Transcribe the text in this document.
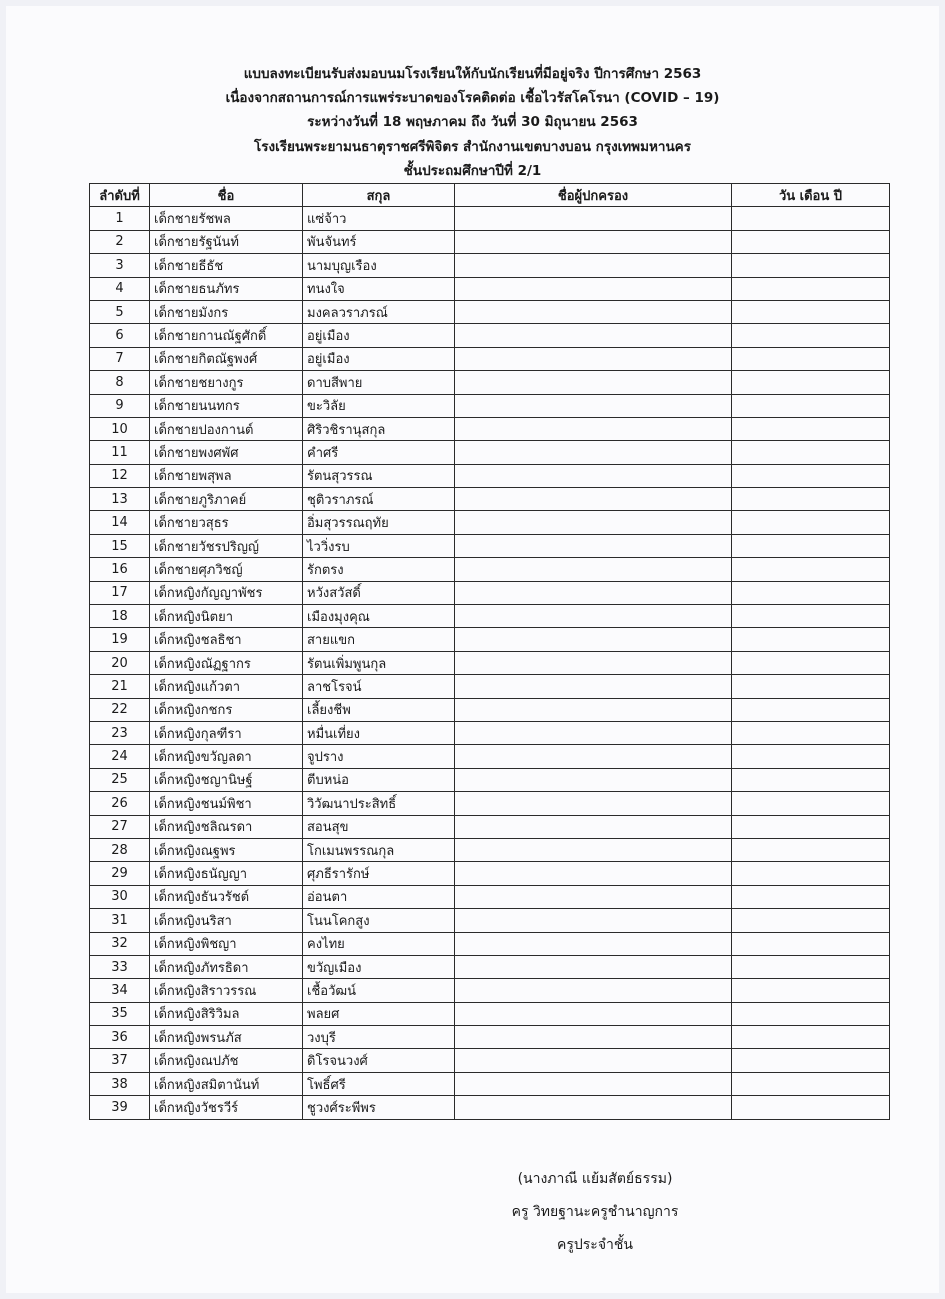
แบบลงทะเบียนรับส่งมอบนมโรงเรียนให้กับนักเรียนที่มีอยู่จริง ปีการศึกษา 2563
เนื่องจากสถานการณ์การแพร่ระบาดของโรคติดต่อ เชื้อไวรัสโคโรนา (COVID – 19)
ระหว่างวันที่ 18 พฤษภาคม ถึง วันที่ 30 มิถุนายน 2563
โรงเรียนพระยามนธาตุราชศรีพิจิตร สำนักงานเขตบางบอน กรุงเทพมหานคร
ชั้นประถมศึกษาปีที่ 2/1
ลำดับที่	ชื่อ	สกุล	ชื่อผู้ปกครอง	วัน เดือน ปี
1	เด็กชายรัชพล	แซ่จ้าว		
2	เด็กชายรัฐนันท์	พันจันทร์		
3	เด็กชายธีธัช	นามบุญเรือง		
4	เด็กชายธนภัทร	ทนงใจ		
5	เด็กชายมังกร	มงคลวราภรณ์		
6	เด็กชายกานณัฐศักดิ์	อยู่เมือง		
7	เด็กชายกิตณัฐพงศ์	อยู่เมือง		
8	เด็กชายชยางกูร	ดาบสีพาย		
9	เด็กชายนนทกร	ขะวิลัย		
10	เด็กชายปองกานต์	ศิริวชิรานุสกุล		
11	เด็กชายพงศพัศ	คำศรี		
12	เด็กชายพสุพล	รัตนสุวรรณ		
13	เด็กชายภูริภาคย์	ชุติวราภรณ์		
14	เด็กชายวสุธร	อิ่มสุวรรณฤทัย		
15	เด็กชายวัชรปริญญ์	ไววิ่งรบ		
16	เด็กชายศุภวิชญ์	รักตรง		
17	เด็กหญิงกัญญาพัชร	หวังสวัสดิ์		
18	เด็กหญิงนิตยา	เมืองมุงคุณ		
19	เด็กหญิงชลธิชา	สายแขก		
20	เด็กหญิงณัฏฐากร	รัตนเพิ่มพูนกุล		
21	เด็กหญิงแก้วตา	ลาชโรจน์		
22	เด็กหญิงกชกร	เลี้ยงชีพ		
23	เด็กหญิงกุลฑีรา	หมื่นเที่ยง		
24	เด็กหญิงขวัญลดา	จูปราง		
25	เด็กหญิงชญานิษฐ์	ตีบหน่อ		
26	เด็กหญิงชนม์พิชา	วิวัฒนาประสิทธิ์		
27	เด็กหญิงชลิณรดา	สอนสุข		
28	เด็กหญิงณฐพร	โกเมนพรรณกุล		
29	เด็กหญิงธนัญญา	ศุภธีรารักษ์		
30	เด็กหญิงธันวรัชต์	อ่อนตา		
31	เด็กหญิงนริสา	โนนโคกสูง		
32	เด็กหญิงพิชญา	คงไทย		
33	เด็กหญิงภัทรธิดา	ขวัญเมือง		
34	เด็กหญิงสิราวรรณ	เชื้อวัฒน์		
35	เด็กหญิงสิริวิมล	พลยศ		
36	เด็กหญิงพรนภัส	วงบุรี		
37	เด็กหญิงณปภัช	ดิโรจนวงศ์		
38	เด็กหญิงสมิตานันท์	โพธิ์ศรี		
39	เด็กหญิงวัชรวีร์	ชูวงศ์ระพีพร		
(นางภาณี แย้มสัตย์ธรรม)
ครู วิทยฐานะครูชำนาญการ
ครูประจำชั้น
